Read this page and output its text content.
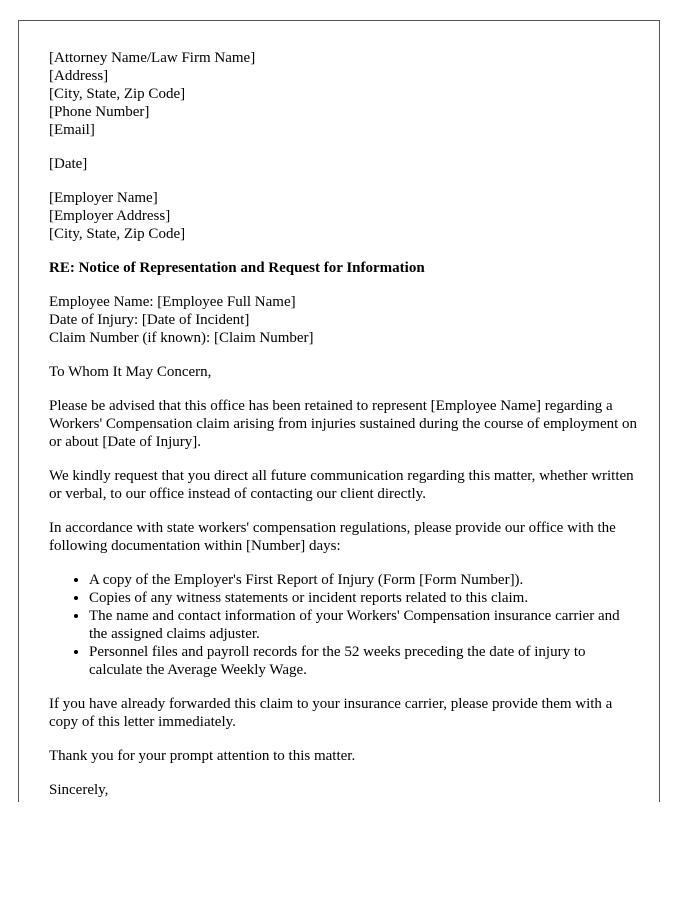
[Attorney Name/Law Firm Name]
[Address]
[City, State, Zip Code]
[Phone Number]
[Email]
[Date]
[Employer Name]
[Employer Address]
[City, State, Zip Code]
RE: Notice of Representation and Request for Information
Employee Name: [Employee Full Name]
Date of Injury: [Date of Incident]
Claim Number (if known): [Claim Number]

To Whom It May Concern,

Please be advised that this office has been retained to represent [Employee Name] regarding a Workers' Compensation claim arising from injuries sustained during the course of employment on or about [Date of Injury].

We kindly request that you direct all future communication regarding this matter, whether written or verbal, to our office instead of contacting our client directly.

In accordance with state workers' compensation regulations, please provide our office with the following documentation within [Number] days:

• A copy of the Employer's First Report of Injury (Form [Form Number]).
• Copies of any witness statements or incident reports related to this claim.
• The name and contact information of your Workers' Compensation insurance carrier and the assigned claims adjuster.
• Personnel files and payroll records for the 52 weeks preceding the date of injury to calculate the Average Weekly Wage.

If you have already forwarded this claim to your insurance carrier, please provide them with a copy of this letter immediately.

Thank you for your prompt attention to this matter.

Sincerely,
